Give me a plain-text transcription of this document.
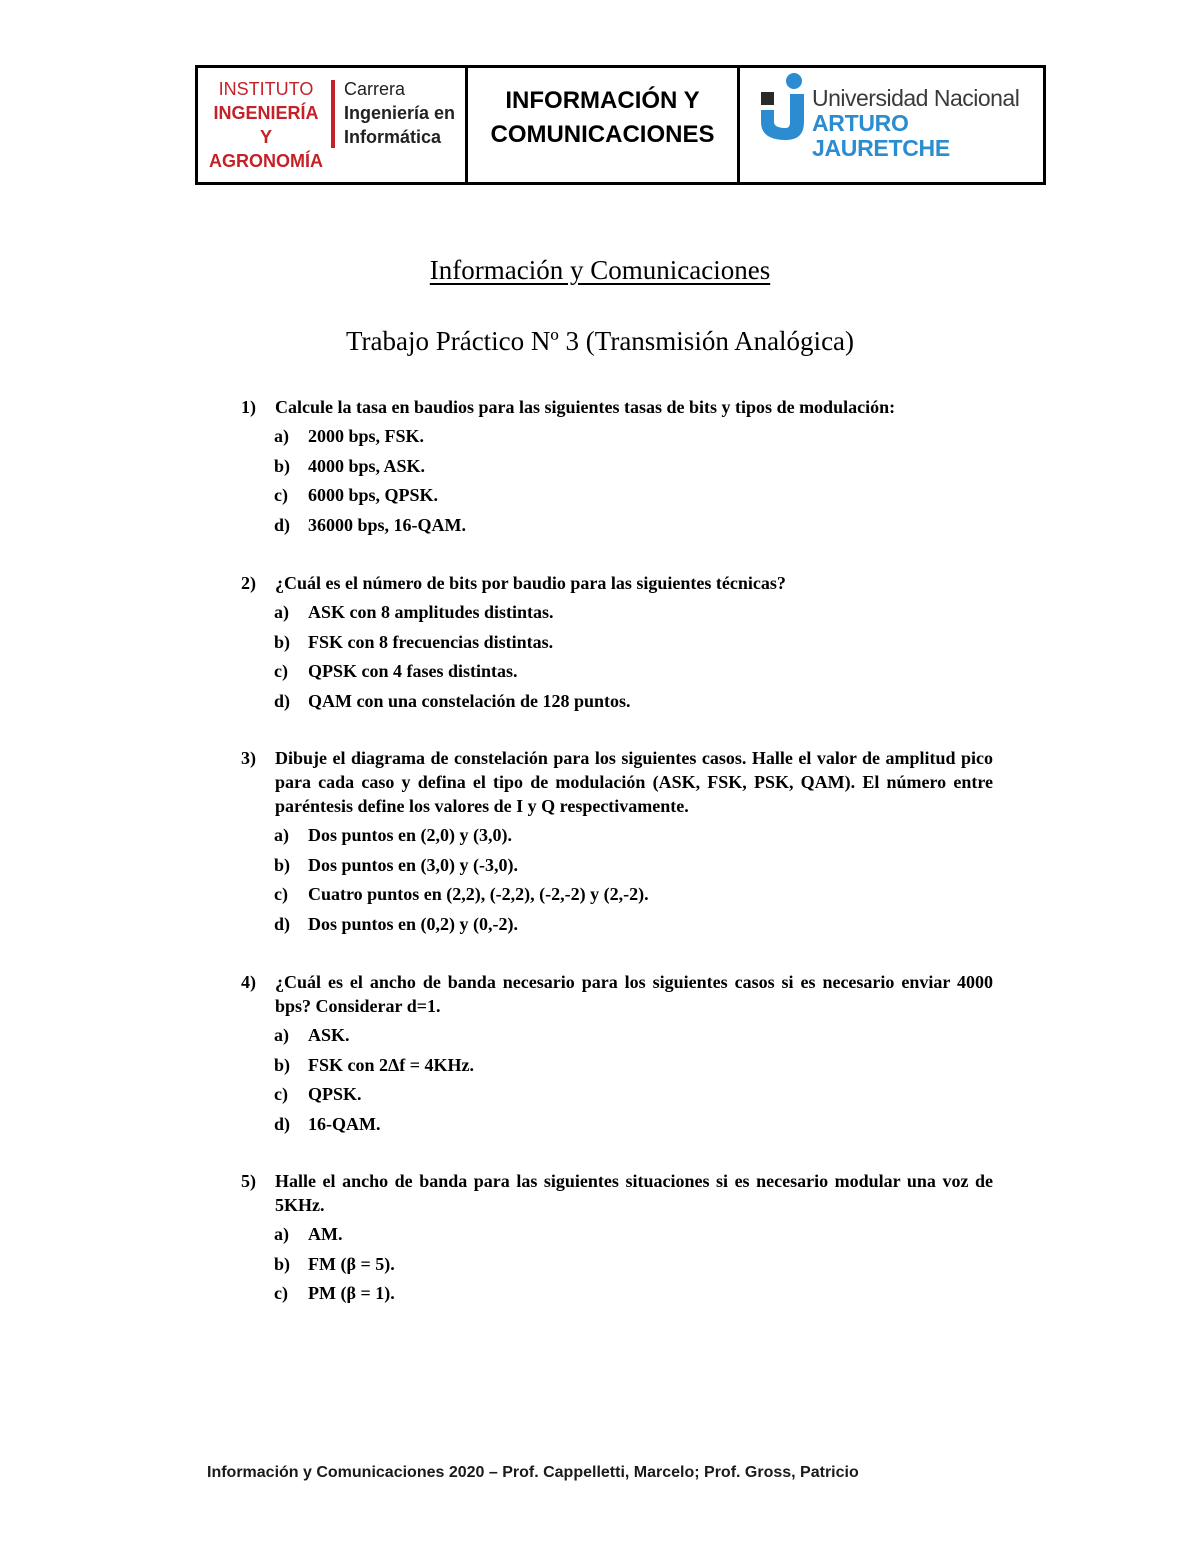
INSTITUTO
INGENIERÍA Y
AGRONOMÍA
Carrera
Ingeniería en
Informática
INFORMACIÓN Y
COMUNICACIONES
Universidad Nacional
ARTURO JAURETCHE
Información y Comunicaciones
Trabajo Práctico Nº 3 (Transmisión Analógica)
1) Calcule la tasa en baudios para las siguientes tasas de bits y tipos de modulación:
a) 2000 bps, FSK.
b) 4000 bps, ASK.
c) 6000 bps, QPSK.
d) 36000 bps, 16-QAM.
2) ¿Cuál es el número de bits por baudio para las siguientes técnicas?
a) ASK con 8 amplitudes distintas.
b) FSK con 8 frecuencias distintas.
c) QPSK con 4 fases distintas.
d) QAM con una constelación de 128 puntos.
3) Dibuje el diagrama de constelación para los siguientes casos. Halle el valor de amplitud pico para cada caso y defina el tipo de modulación (ASK, FSK, PSK, QAM). El número entre paréntesis define los valores de I y Q respectivamente.
a) Dos puntos en (2,0) y (3,0).
b) Dos puntos en (3,0) y (-3,0).
c) Cuatro puntos en (2,2), (-2,2), (-2,-2) y (2,-2).
d) Dos puntos en (0,2) y (0,-2).
4) ¿Cuál es el ancho de banda necesario para los siguientes casos si es necesario enviar 4000 bps? Considerar d=1.
a) ASK.
b) FSK con 2Δf = 4KHz.
c) QPSK.
d) 16-QAM.
5) Halle el ancho de banda para las siguientes situaciones si es necesario modular una voz de 5KHz.
a) AM.
b) FM (β = 5).
c) PM (β = 1).
Información y Comunicaciones 2020 – Prof. Cappelletti, Marcelo; Prof. Gross, Patricio
